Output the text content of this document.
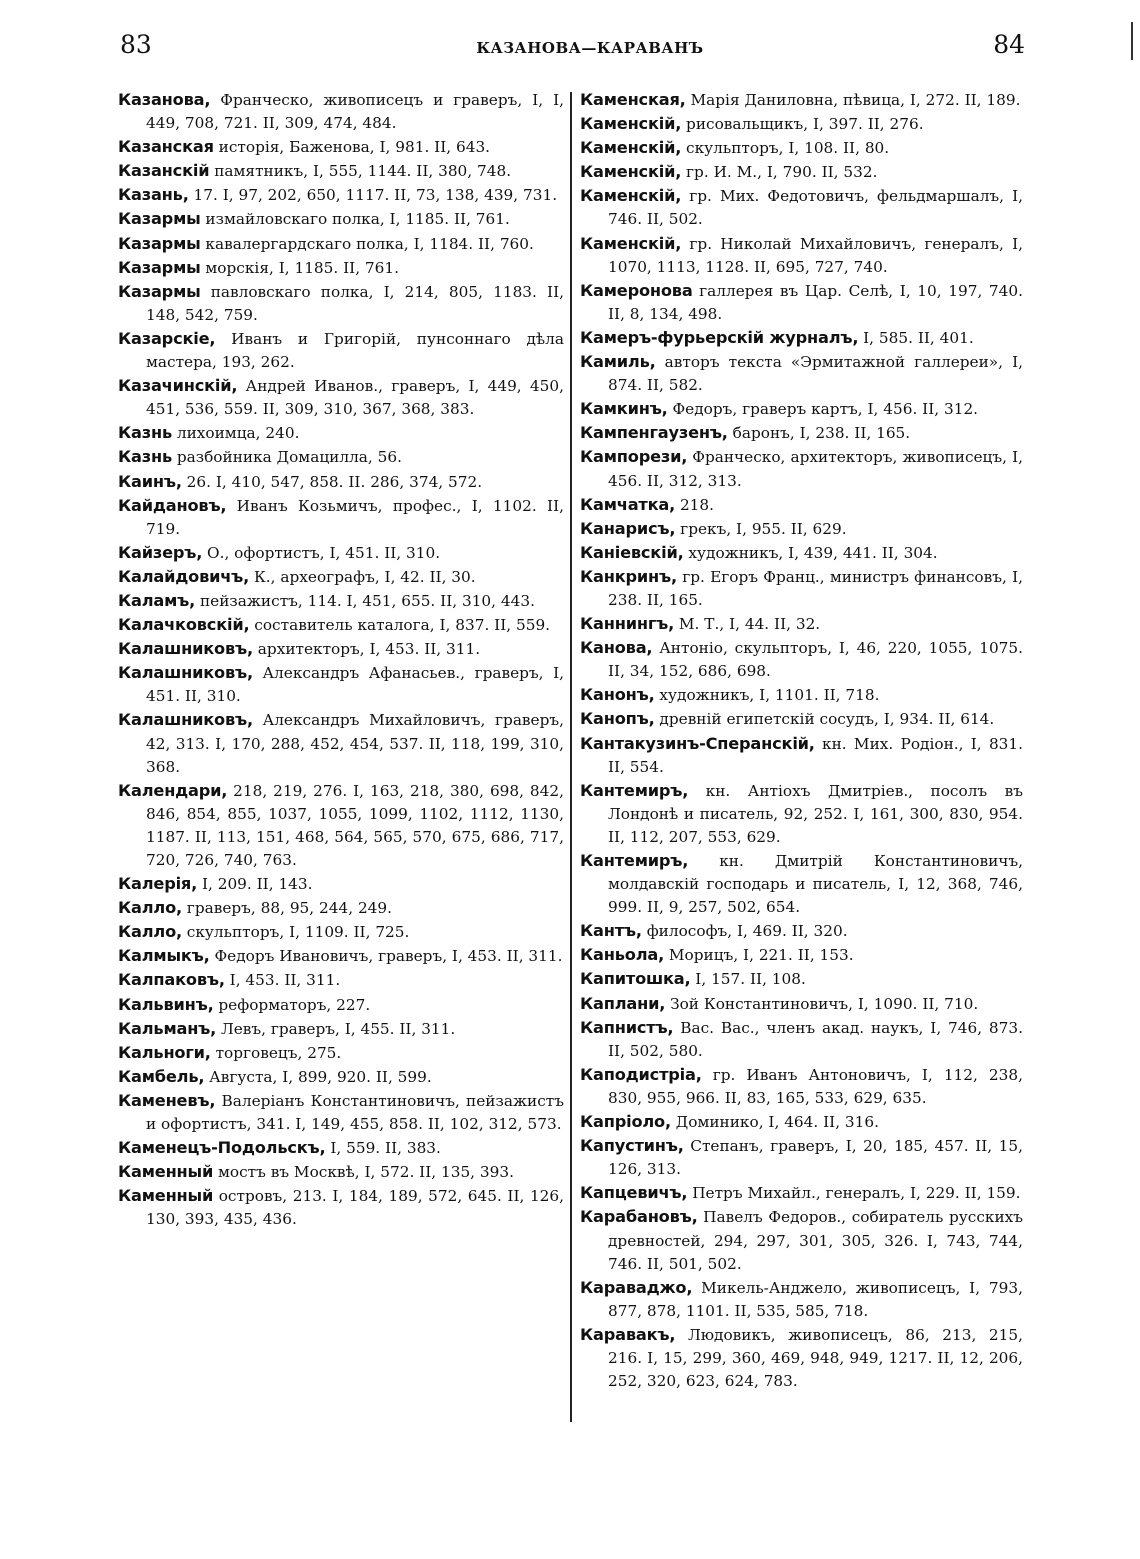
83	КАЗАНОВА—КАРАВАНЪ	84

Казанова, Франческо, живописецъ и граверъ, I, I, 449, 708, 721. II, 309, 474, 484.

Казанская исторія, Баженова, I, 981. II, 643.

Казанскій памятникъ, I, 555, 1144. II, 380, 748.

Казань, 17. I, 97, 202, 650, 1117. II, 73, 138, 439, 731.

Казармы измайловскаго полка, I, 1185. II, 761.

Казармы кавалергардскаго полка, I, 1184. II, 760.

Казармы морскія, I, 1185. II, 761.

Казармы павловскаго полка, I, 214, 805, 1183. II, 148, 542, 759.

Казарскіе, Иванъ и Григорій, пунсоннаго дѣла мастера, 193, 262.

Казачинскій, Андрей Иванов., граверъ, I, 449, 450, 451, 536, 559. II, 309, 310, 367, 368, 383.

Казнь лихоимца, 240.

Казнь разбойника Домацилла, 56.

Каинъ, 26. I, 410, 547, 858. II. 286, 374, 572.

Кайдановъ, Иванъ Козьмичъ, профес., I, 1102. II, 719.

Кайзеръ, О., офортистъ, I, 451. II, 310.

Калайдовичъ, К., археографъ, I, 42. II, 30.

Каламъ, пейзажистъ, 114. I, 451, 655. II, 310, 443.

Калачковскій, составитель каталога, I, 837. II, 559.

Калашниковъ, архитекторъ, I, 453. II, 311.

Калашниковъ, Александръ Афанасьев., граверъ, I, 451. II, 310.

Калашниковъ, Александръ Михайловичъ, граверъ, 42, 313. I, 170, 288, 452, 454, 537. II, 118, 199, 310, 368.

Календари, 218, 219, 276. I, 163, 218, 380, 698, 842, 846, 854, 855, 1037, 1055, 1099, 1102, 1112, 1130, 1187. II, 113, 151, 468, 564, 565, 570, 675, 686, 717, 720, 726, 740, 763.

Калерія, I, 209. II, 143.

Калло, граверъ, 88, 95, 244, 249.

Калло, скульпторъ, I, 1109. II, 725.

Калмыкъ, Федоръ Ивановичъ, граверъ, I, 453. II, 311.

Калпаковъ, I, 453. II, 311.

Кальвинъ, реформаторъ, 227.

Кальманъ, Левъ, граверъ, I, 455. II, 311.

Кальноги, торговецъ, 275.

Камбель, Августа, I, 899, 920. II, 599.

Каменевъ, Валеріанъ Константиновичъ, пейзажистъ и офортистъ, 341. I, 149, 455, 858. II, 102, 312, 573.

Каменецъ-Подольскъ, I, 559. II, 383.

Каменный мостъ въ Москвѣ, I, 572. II, 135, 393.

Каменный островъ, 213. I, 184, 189, 572, 645. II, 126, 130, 393, 435, 436.

Каменская, Марія Даниловна, пѣвица, I, 272. II, 189.

Каменскій, рисовальщикъ, I, 397. II, 276.

Каменскій, скульпторъ, I, 108. II, 80.

Каменскій, гр. И. М., I, 790. II, 532.

Каменскій, гр. Мих. Федотовичъ, фельдмаршалъ, I, 746. II, 502.

Каменскій, гр. Николай Михайловичъ, генералъ, I, 1070, 1113, 1128. II, 695, 727, 740.

Камеронова галлерея въ Цар. Селѣ, I, 10, 197, 740. II, 8, 134, 498.

Камеръ-фурьерскій журналъ, I, 585. II, 401.

Камиль, авторъ текста «Эрмитажной галлереи», I, 874. II, 582.

Камкинъ, Федоръ, граверъ картъ, I, 456. II, 312.

Кампенгаузенъ, баронъ, I, 238. II, 165.

Кампорези, Франческо, архитекторъ, живописецъ, I, 456. II, 312, 313.

Камчатка, 218.

Канарисъ, грекъ, I, 955. II, 629.

Каніевскій, художникъ, I, 439, 441. II, 304.

Канкринъ, гр. Егоръ Франц., министръ финансовъ, I, 238. II, 165.

Каннингъ, М. Т., I, 44. II, 32.

Канова, Антоніо, скульпторъ, I, 46, 220, 1055, 1075. II, 34, 152, 686, 698.

Канонъ, художникъ, I, 1101. II, 718.

Канопъ, древній египетскій сосудъ, I, 934. II, 614.

Кантакузинъ-Сперанскій, кн. Мих. Родіон., I, 831. II, 554.

Кантемиръ, кн. Антіохъ Дмитріев., посолъ въ Лондонѣ и писатель, 92, 252. I, 161, 300, 830, 954. II, 112, 207, 553, 629.

Кантемиръ, кн. Дмитрій Константиновичъ, молдавскій господарь и писатель, I, 12, 368, 746, 999. II, 9, 257, 502, 654.

Кантъ, философъ, I, 469. II, 320.

Каньола, Морицъ, I, 221. II, 153.

Капитошка, I, 157. II, 108.

Каплани, Зой Константиновичъ, I, 1090. II, 710.

Капнистъ, Вас. Вас., членъ акад. наукъ, I, 746, 873. II, 502, 580.

Каподистріа, гр. Иванъ Антоновичъ, I, 112, 238, 830, 955, 966. II, 83, 165, 533, 629, 635.

Капріоло, Доминико, I, 464. II, 316.

Капустинъ, Степанъ, граверъ, I, 20, 185, 457. II, 15, 126, 313.

Капцевичъ, Петръ Михайл., генералъ, I, 229. II, 159.

Карабановъ, Павелъ Федоров., собиратель русскихъ древностей, 294, 297, 301, 305, 326. I, 743, 744, 746. II, 501, 502.

Караваджо, Микель-Анджело, живописецъ, I, 793, 877, 878, 1101. II, 535, 585, 718.

Каравакъ, Людовикъ, живописецъ, 86, 213, 215, 216. I, 15, 299, 360, 469, 948, 949, 1217. II, 12, 206, 252, 320, 623, 624, 783.
